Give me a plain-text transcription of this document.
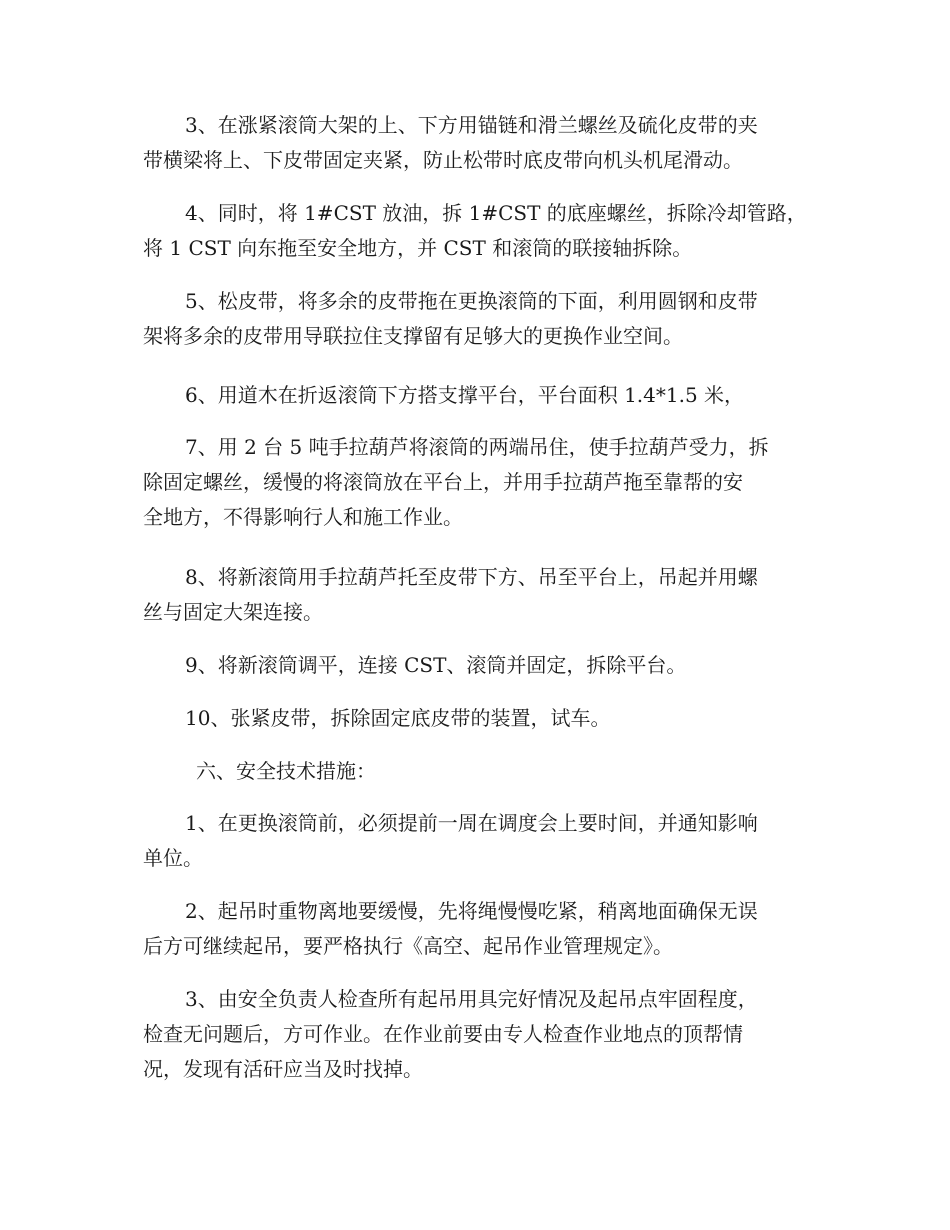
3、在涨紧滚筒大架的上、下方用锚链和滑兰螺丝及硫化皮带的夹
带横梁将上、下皮带固定夹紧，防止松带时底皮带向机头机尾滑动。

4、同时，将 1#CST 放油，拆 1#CST 的底座螺丝，拆除冷却管路，
将 1 CST 向东拖至安全地方，并 CST 和滚筒的联接轴拆除。

5、松皮带，将多余的皮带拖在更换滚筒的下面，利用圆钢和皮带
架将多余的皮带用导联拉住支撑留有足够大的更换作业空间。

6、用道木在折返滚筒下方搭支撑平台，平台面积 1.4*1.5 米，

7、用 2 台 5 吨手拉葫芦将滚筒的两端吊住，使手拉葫芦受力，拆
除固定螺丝，缓慢的将滚筒放在平台上，并用手拉葫芦拖至靠帮的安
全地方，不得影响行人和施工作业。

8、将新滚筒用手拉葫芦托至皮带下方、吊至平台上，吊起并用螺
丝与固定大架连接。

9、将新滚筒调平，连接 CST、滚筒并固定，拆除平台。

10、张紧皮带，拆除固定底皮带的装置，试车。

六、安全技术措施：

1、在更换滚筒前，必须提前一周在调度会上要时间，并通知影响
单位。

2、起吊时重物离地要缓慢，先将绳慢慢吃紧，稍离地面确保无误
后方可继续起吊，要严格执行《高空、起吊作业管理规定》。

3、由安全负责人检查所有起吊用具完好情况及起吊点牢固程度，
检查无问题后，方可作业。在作业前要由专人检查作业地点的顶帮情
况，发现有活矸应当及时找掉。
